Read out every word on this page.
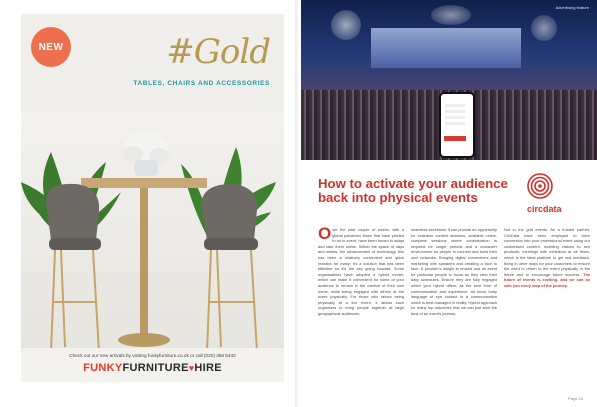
NEW	#Gold
TABLES, CHAIRS AND ACCESSORIES
Check out our new arrivals by visiting funkyfurniture.co.uk or call (020) 358 5440
FUNKYFURNITURE♥HIRE
Advertising feature
How to activate your audience back into physical events
circdata
Over the past couple of weeks, with a global pandemic those that have yielded to an in-event, have been forced to adapt and take them online. Within the space of days and weeks, the advancement of technology, this has been a relatively convenient and quick reaction for many; it's a solution that has been effective so it's the key going forward. Some organisations have adopted a hybrid model, which can make it convenient for some of your audience to remain in the comfort of their own home, while being engaged with others at the event physically. For those who favour being physically at a live event, it allows such organisers to bring people together at large geographical audiences.
seamless workflows; it can provide an opportunity for exclusive content sessions, available online, complete sessions where consideration is required for longer periods and a crossover environment for people to connect and build their own networks. Bringing digital connections and marketing with speakers and creating a face to face. A provider's insight is reused and an event for particular people to focus as they view their daily schedules. Ensure they are fully engaged which your hybrid offers, as the best form of communication and experience. All know body language of eye contact in a communication which is best managed in reality. Hybrid approach for many top outcomes that we can just start the best of an event's journey.
Not in the grid events. As a trusted partner, CircData have been employed to drive conversion into your professional event using our customised content, enabling visitors to see products, meetings with exhibitors at all times, which is the ideal platform to get real feedback. Bring in other ways for your customers to ensure the need to return to the event physically in the future and to encourage future success. The future of events is exciting, and we can be with you every step of the journey.
Page 43
